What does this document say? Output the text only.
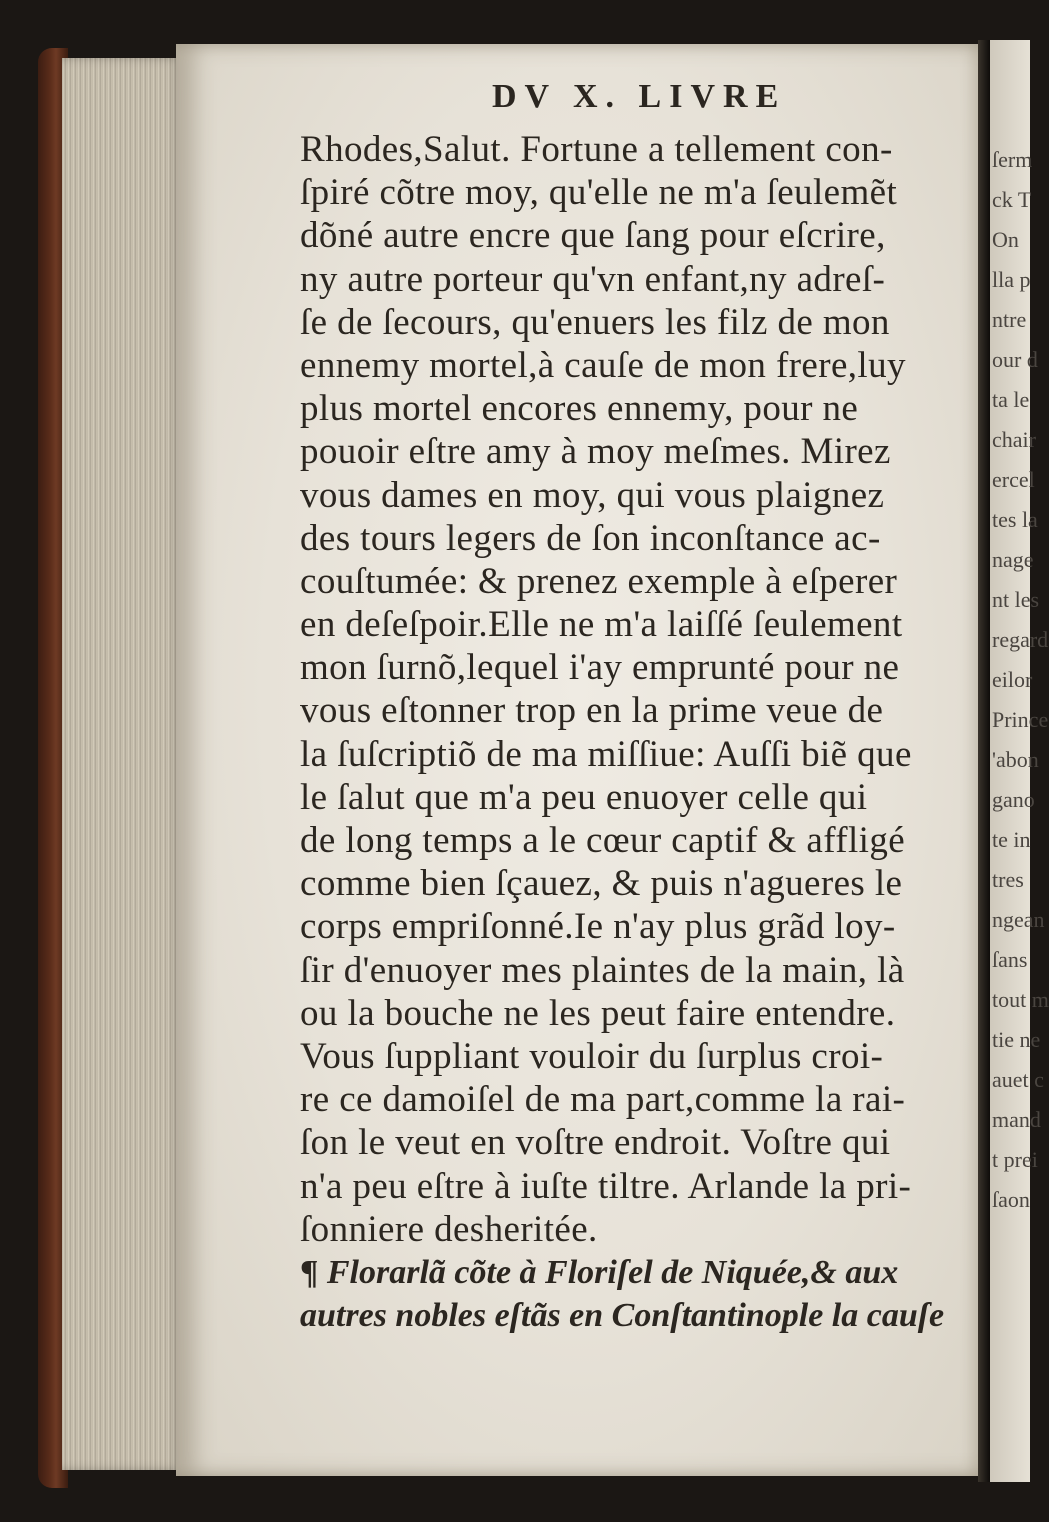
DV X. LIVRE
Rhodes,Salut. Fortune a tellement con-
ſpiré cõtre moy, qu'elle ne m'a ſeulemẽt
dõné autre encre que ſang pour eſcrire,
ny autre porteur qu'vn enfant,ny adreſ-
ſe de ſecours, qu'enuers les filz de mon
ennemy mortel,à cauſe de mon frere,luy
plus mortel encores ennemy, pour ne
pouoir eſtre amy à moy meſmes. Mirez
vous dames en moy, qui vous plaignez
des tours legers de ſon inconſtance ac-
couſtumée: & prenez exemple à eſperer
en deſeſpoir.Elle ne m'a laiſſé ſeulement
mon ſurnõ,lequel i'ay emprunté pour ne
vous eſtonner trop en la prime veue de
la ſuſcriptiõ de ma miſſiue: Auſſi biẽ que
le ſalut que m'a peu enuoyer celle qui
de long temps a le cœur captif & affligé
comme bien ſçauez, & puis n'agueres le
corps empriſonné.Ie n'ay plus grãd loy-
ſir d'enuoyer mes plaintes de la main, là
ou la bouche ne les peut faire entendre.
Vous ſuppliant vouloir du ſurplus croi-
re ce damoiſel de ma part,comme la rai-
ſon le veut en voſtre endroit. Voſtre qui
n'a peu eſtre à iuſte tiltre. Arlande la pri-
ſonniere desheritée.
¶ Florarlã cõte à Floriſel de Niquée,& aux
autres nobles eſtãs en Conſtantinople la cauſe
ſerm
ck T
On
lla p
ntre
our d
ta le
chair
ercel
tes la
nage
nt les
regard
eilor
Prince
'abon
gano
te in
tres
ngean
ſans
tout m
tie ne
auet c
mand
t prei
ſaon
